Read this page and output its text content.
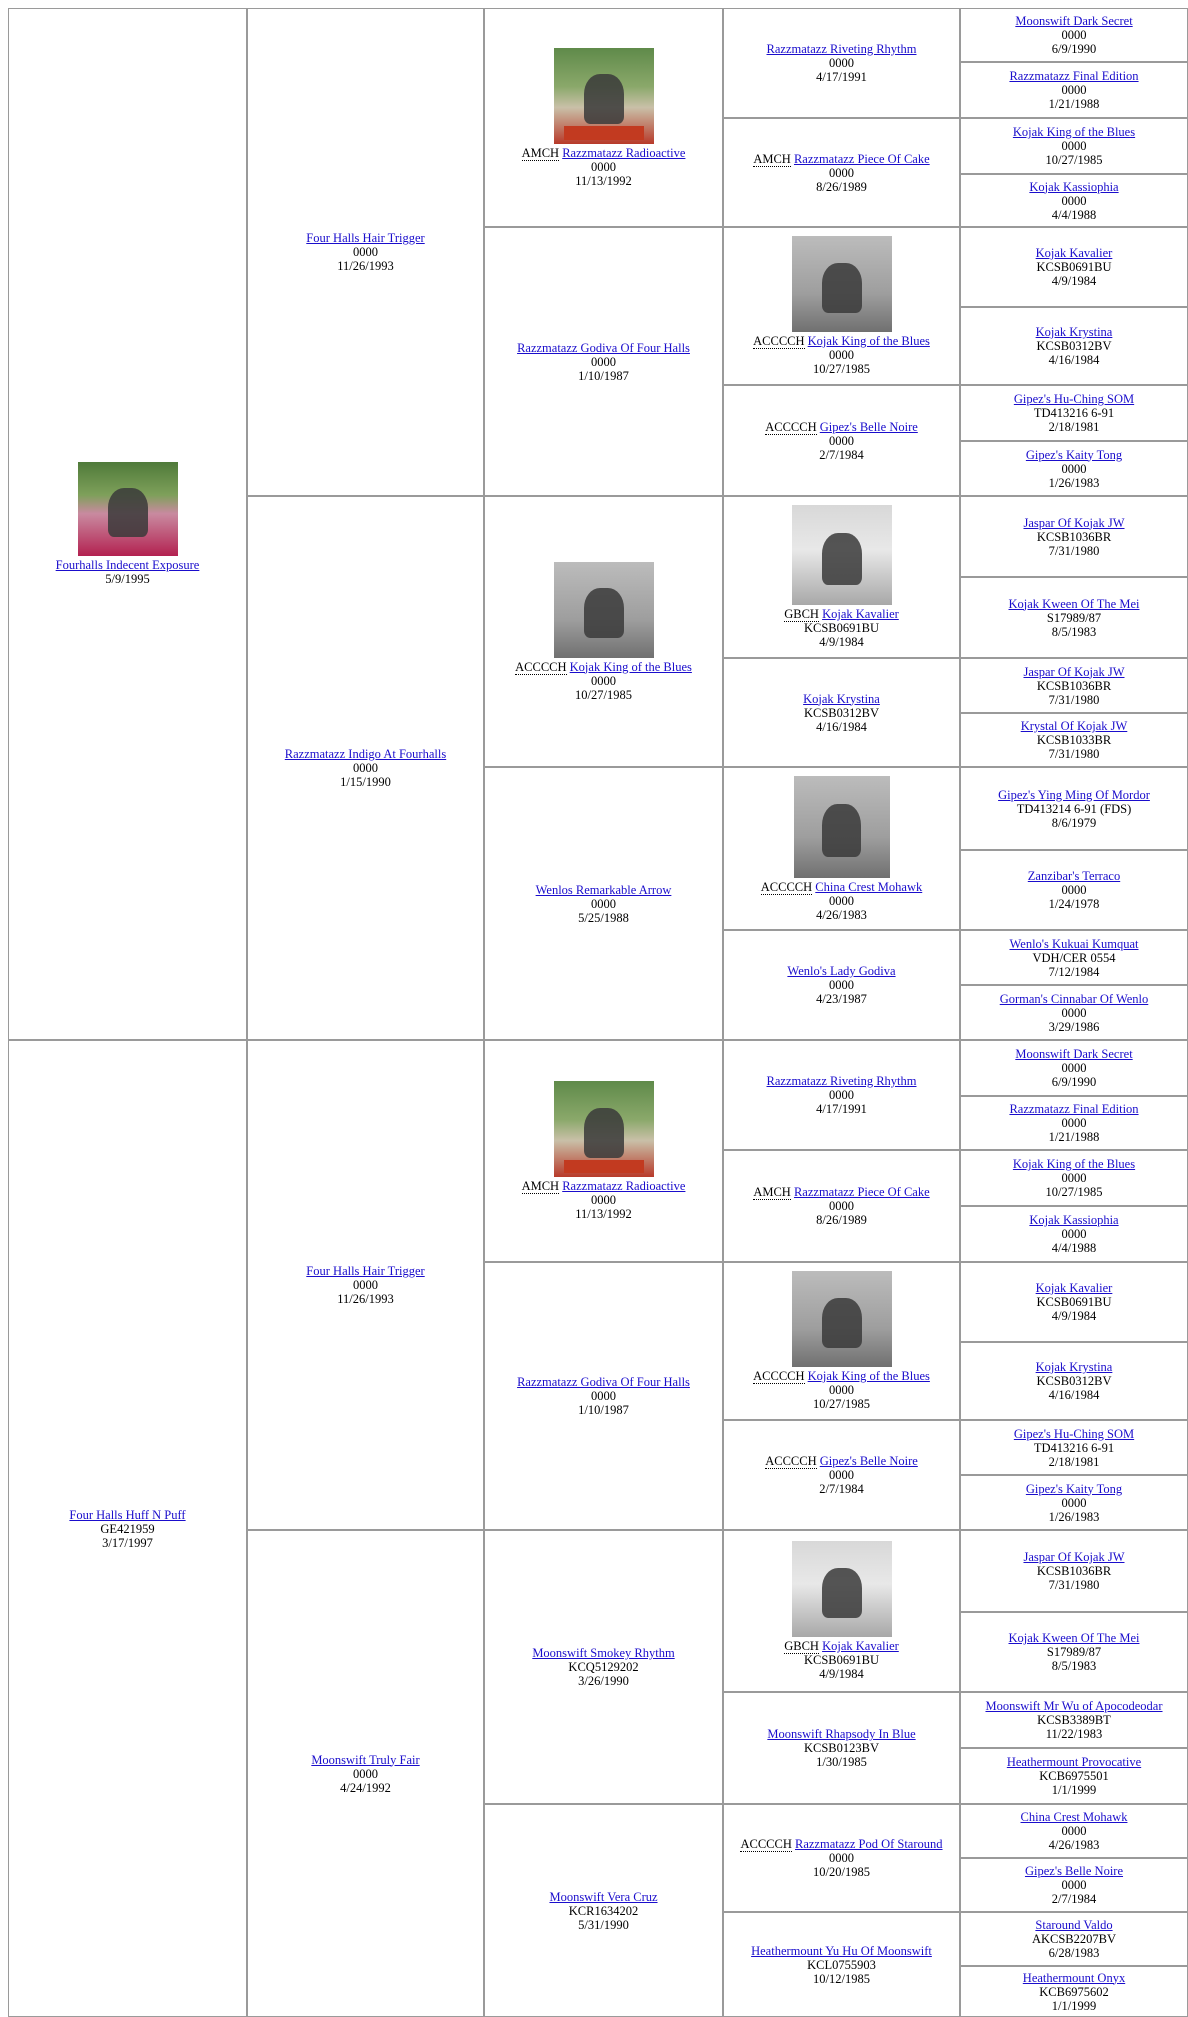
Fourhalls Indecent Exposure
5/9/1995
Four Halls Huff N Puff
GE421959
3/17/1997
Four Halls Hair Trigger
0000
11/26/1993
Razzmatazz Indigo At Fourhalls
0000
1/15/1990
Four Halls Hair Trigger
0000
11/26/1993
Moonswift Truly Fair
0000
4/24/1992
AMCH Razzmatazz Radioactive
0000
11/13/1992
Razzmatazz Godiva Of Four Halls
0000
1/10/1987
ACCCCH Kojak King of the Blues
0000
10/27/1985
Wenlos Remarkable Arrow
0000
5/25/1988
AMCH Razzmatazz Radioactive
0000
11/13/1992
Razzmatazz Godiva Of Four Halls
0000
1/10/1987
Moonswift Smokey Rhythm
KCQ5129202
3/26/1990
Moonswift Vera Cruz
KCR1634202
5/31/1990
Razzmatazz Riveting Rhythm
0000
4/17/1991
AMCH Razzmatazz Piece Of Cake
0000
8/26/1989
ACCCCH Kojak King of the Blues
0000
10/27/1985
ACCCCH Gipez's Belle Noire
0000
2/7/1984
GBCH Kojak Kavalier
KCSB0691BU
4/9/1984
Kojak Krystina
KCSB0312BV
4/16/1984
ACCCCH China Crest Mohawk
0000
4/26/1983
Wenlo's Lady Godiva
0000
4/23/1987
Razzmatazz Riveting Rhythm
0000
4/17/1991
AMCH Razzmatazz Piece Of Cake
0000
8/26/1989
ACCCCH Kojak King of the Blues
0000
10/27/1985
ACCCCH Gipez's Belle Noire
0000
2/7/1984
GBCH Kojak Kavalier
KCSB0691BU
4/9/1984
Moonswift Rhapsody In Blue
KCSB0123BV
1/30/1985
ACCCCH Razzmatazz Pod Of Staround
0000
10/20/1985
Heathermount Yu Hu Of Moonswift
KCL0755903
10/12/1985
Moonswift Dark Secret
0000
6/9/1990
Razzmatazz Final Edition
0000
1/21/1988
Kojak King of the Blues
0000
10/27/1985
Kojak Kassiophia
0000
4/4/1988
Kojak Kavalier
KCSB0691BU
4/9/1984
Kojak Krystina
KCSB0312BV
4/16/1984
Gipez's Hu-Ching SOM
TD413216 6-91
2/18/1981
Gipez's Kaity Tong
0000
1/26/1983
Jaspar Of Kojak JW
KCSB1036BR
7/31/1980
Kojak Kween Of The Mei
S17989/87
8/5/1983
Jaspar Of Kojak JW
KCSB1036BR
7/31/1980
Krystal Of Kojak JW
KCSB1033BR
7/31/1980
Gipez's Ying Ming Of Mordor
TD413214 6-91 (FDS)
8/6/1979
Zanzibar's Terraco
0000
1/24/1978
Wenlo's Kukuai Kumquat
VDH/CER 0554
7/12/1984
Gorman's Cinnabar Of Wenlo
0000
3/29/1986
Moonswift Dark Secret
0000
6/9/1990
Razzmatazz Final Edition
0000
1/21/1988
Kojak King of the Blues
0000
10/27/1985
Kojak Kassiophia
0000
4/4/1988
Kojak Kavalier
KCSB0691BU
4/9/1984
Kojak Krystina
KCSB0312BV
4/16/1984
Gipez's Hu-Ching SOM
TD413216 6-91
2/18/1981
Gipez's Kaity Tong
0000
1/26/1983
Jaspar Of Kojak JW
KCSB1036BR
7/31/1980
Kojak Kween Of The Mei
S17989/87
8/5/1983
Moonswift Mr Wu of Apocodeodar
KCSB3389BT
11/22/1983
Heathermount Provocative
KCB6975501
1/1/1999
China Crest Mohawk
0000
4/26/1983
Gipez's Belle Noire
0000
2/7/1984
Staround Valdo
AKCSB2207BV
6/28/1983
Heathermount Onyx
KCB6975602
1/1/1999
